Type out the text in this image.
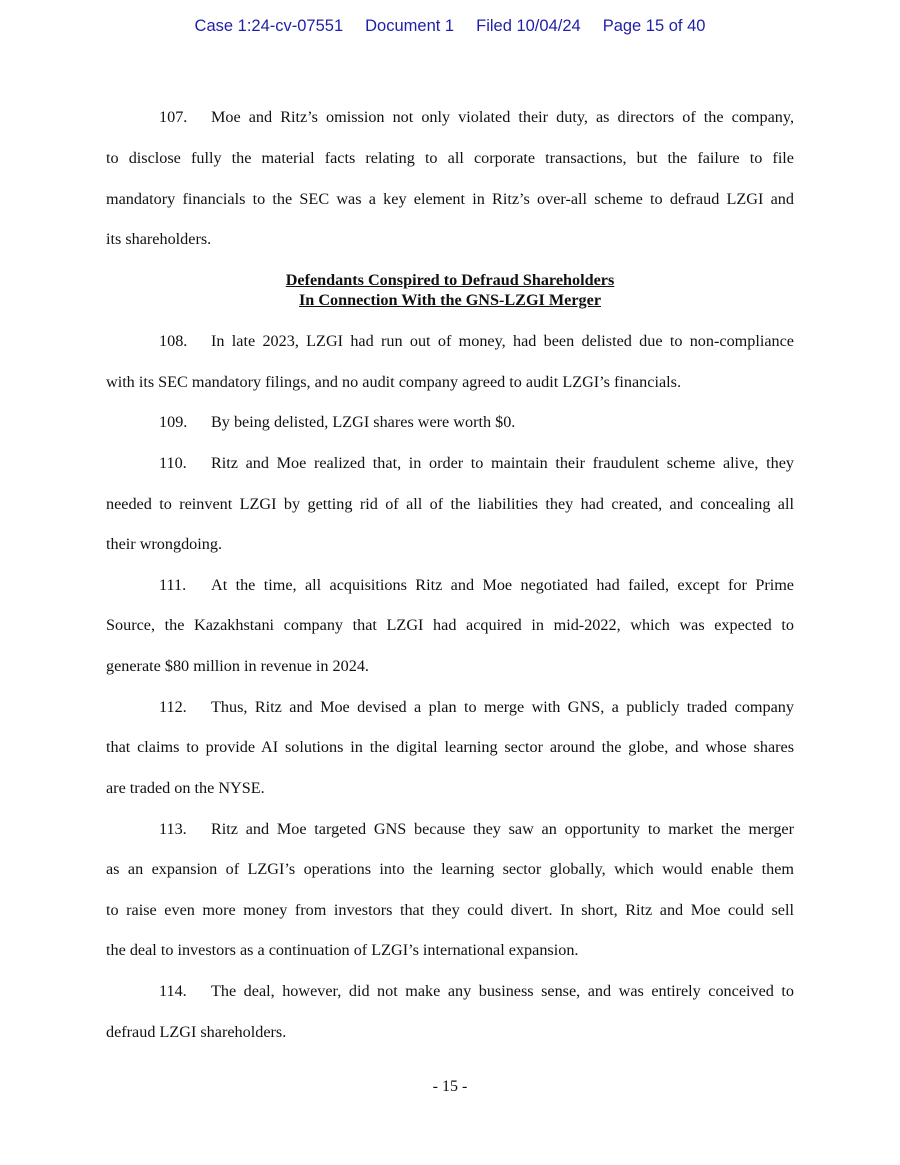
Case 1:24-cv-07551 Document 1 Filed 10/04/24 Page 15 of 40
107. Moe and Ritz’s omission not only violated their duty, as directors of the company,
to disclose fully the material facts relating to all corporate transactions, but the failure to file
mandatory financials to the SEC was a key element in Ritz’s over-all scheme to defraud LZGI and
its shareholders.
Defendants Conspired to Defraud Shareholders
In Connection With the GNS-LZGI Merger
108. In late 2023, LZGI had run out of money, had been delisted due to non-compliance
with its SEC mandatory filings, and no audit company agreed to audit LZGI’s financials.
109. By being delisted, LZGI shares were worth $0.
110. Ritz and Moe realized that, in order to maintain their fraudulent scheme alive, they
needed to reinvent LZGI by getting rid of all of the liabilities they had created, and concealing all
their wrongdoing.
111. At the time, all acquisitions Ritz and Moe negotiated had failed, except for Prime
Source, the Kazakhstani company that LZGI had acquired in mid-2022, which was expected to
generate $80 million in revenue in 2024.
112. Thus, Ritz and Moe devised a plan to merge with GNS, a publicly traded company
that claims to provide AI solutions in the digital learning sector around the globe, and whose shares
are traded on the NYSE.
113. Ritz and Moe targeted GNS because they saw an opportunity to market the merger
as an expansion of LZGI’s operations into the learning sector globally, which would enable them
to raise even more money from investors that they could divert. In short, Ritz and Moe could sell
the deal to investors as a continuation of LZGI’s international expansion.
114. The deal, however, did not make any business sense, and was entirely conceived to
defraud LZGI shareholders.
- 15 -
